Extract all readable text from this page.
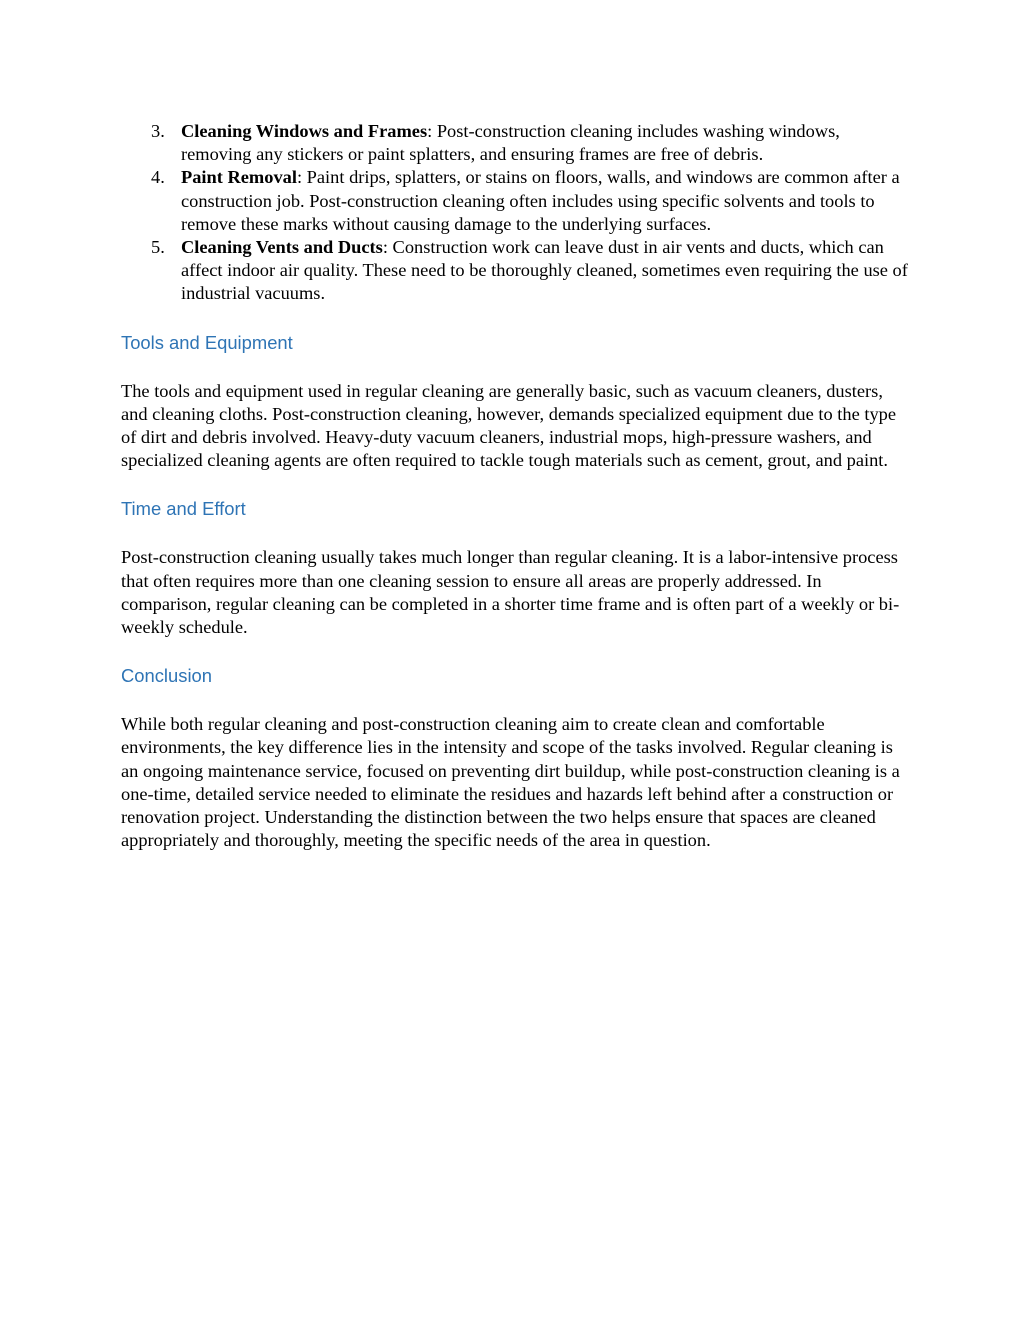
3. Cleaning Windows and Frames: Post-construction cleaning includes washing windows, removing any stickers or paint splatters, and ensuring frames are free of debris.
4. Paint Removal: Paint drips, splatters, or stains on floors, walls, and windows are common after a construction job. Post-construction cleaning often includes using specific solvents and tools to remove these marks without causing damage to the underlying surfaces.
5. Cleaning Vents and Ducts: Construction work can leave dust in air vents and ducts, which can affect indoor air quality. These need to be thoroughly cleaned, sometimes even requiring the use of industrial vacuums.
Tools and Equipment

The tools and equipment used in regular cleaning are generally basic, such as vacuum cleaners, dusters, and cleaning cloths. Post-construction cleaning, however, demands specialized equipment due to the type of dirt and debris involved. Heavy-duty vacuum cleaners, industrial mops, high-pressure washers, and specialized cleaning agents are often required to tackle tough materials such as cement, grout, and paint.

Time and Effort

Post-construction cleaning usually takes much longer than regular cleaning. It is a labor-intensive process that often requires more than one cleaning session to ensure all areas are properly addressed. In comparison, regular cleaning can be completed in a shorter time frame and is often part of a weekly or bi-weekly schedule.

Conclusion

While both regular cleaning and post-construction cleaning aim to create clean and comfortable environments, the key difference lies in the intensity and scope of the tasks involved. Regular cleaning is an ongoing maintenance service, focused on preventing dirt buildup, while post-construction cleaning is a one-time, detailed service needed to eliminate the residues and hazards left behind after a construction or renovation project. Understanding the distinction between the two helps ensure that spaces are cleaned appropriately and thoroughly, meeting the specific needs of the area in question.
